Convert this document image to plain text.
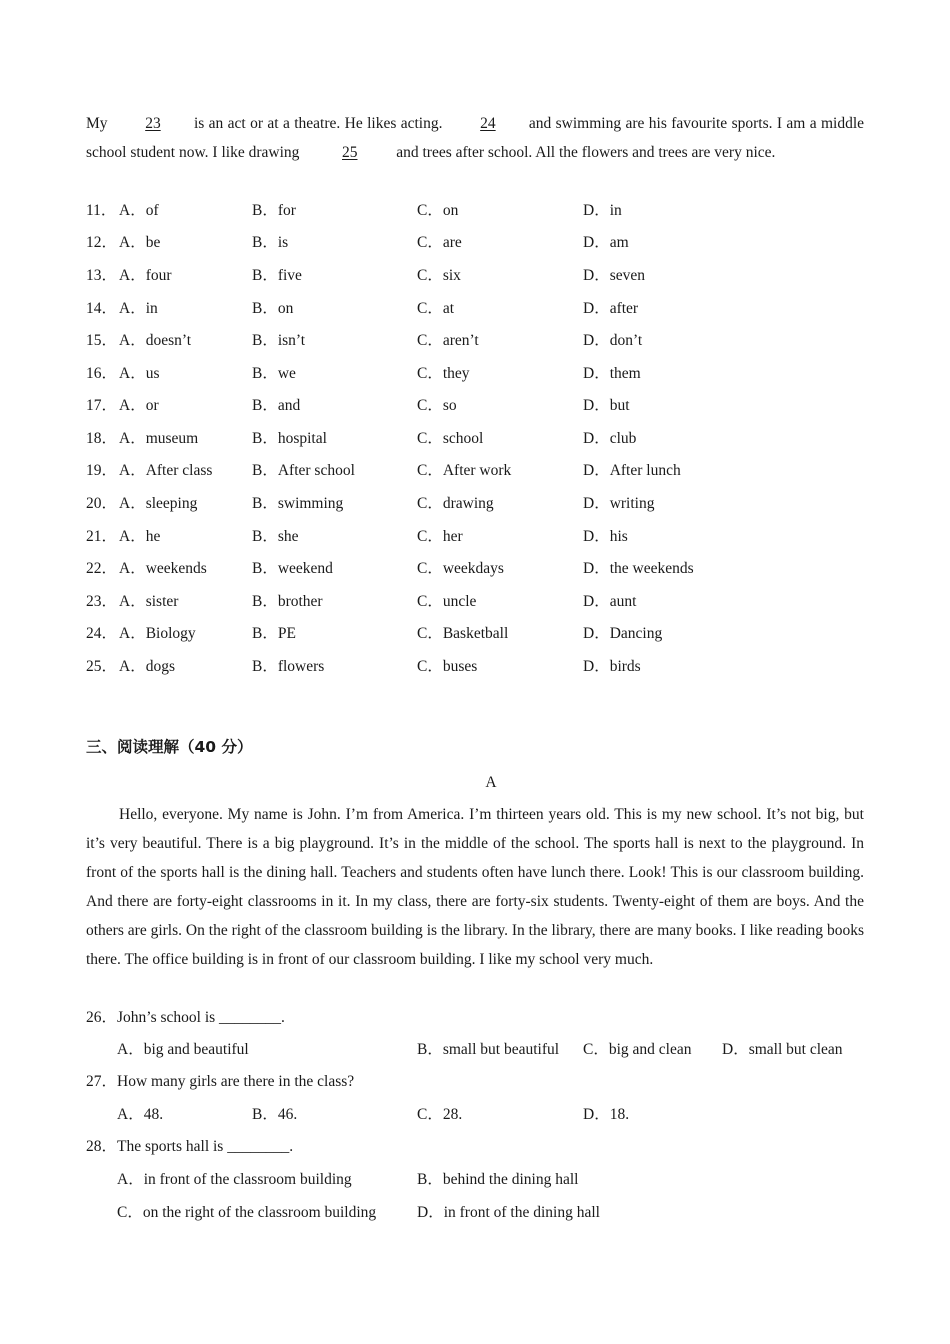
My 23 is an act or at a theatre. He likes acting. 24 and swimming are his favourite sports. I am a middle school student now. I like drawing	25	and trees after school. All the flowers and trees are very nice.

11． A．of	B．for	C．on	D．in
12． A．be	B．is	C．are	D．am
13． A．four	B．five	C．six	D．seven
14． A．in	B．on	C．at	D．after
15． A．doesn’t	B．isn’t	C．aren’t	D．don’t
16． A．us	B．we	C．they	D．them
17． A．or	B．and	C．so	D．but
18． A．museum	B．hospital	C．school	D．club
19． A．After class	B．After school	C．After work	D．After lunch
20． A．sleeping	B．swimming	C．drawing	D．writing
21． A．he	B．she	C．her	D．his
22． A．weekends	B．weekend	C．weekdays	D．the weekends
23． A．sister	B．brother	C．uncle	D．aunt
24． A．Biology	B．PE	C．Basketball	D．Dancing
25． A．dogs	B．flowers	C．buses	D．birds
三、阅读理解（40 分）
A

Hello, everyone. My name is John. I’m from America. I’m thirteen years old. This is my new school. It’s not big, but it’s very beautiful. There is a big playground. It’s in the middle of the school. The sports hall is next to the playground. In front of the sports hall is the dining hall. Teachers and students often have lunch there. Look! This is our classroom building. And there are forty-eight classrooms in it. In my class, there are forty-six students. Twenty-eight of them are boys. And the others are girls. On the right of the classroom building is the library. In the library, there are many books. I like reading books there. The office building is in front of our classroom building. I like my school very much.

26．John’s school is ________.
A．big and beautiful	B．small but beautiful C．big and clean D．small but clean
27．How many girls are there in the class?
A．48.	B．46.	C．28.	D．18.
28．The sports hall is ________.
A．in front of the classroom building	B．behind the dining hall
C．on the right of the classroom building	D．in front of the dining hall
